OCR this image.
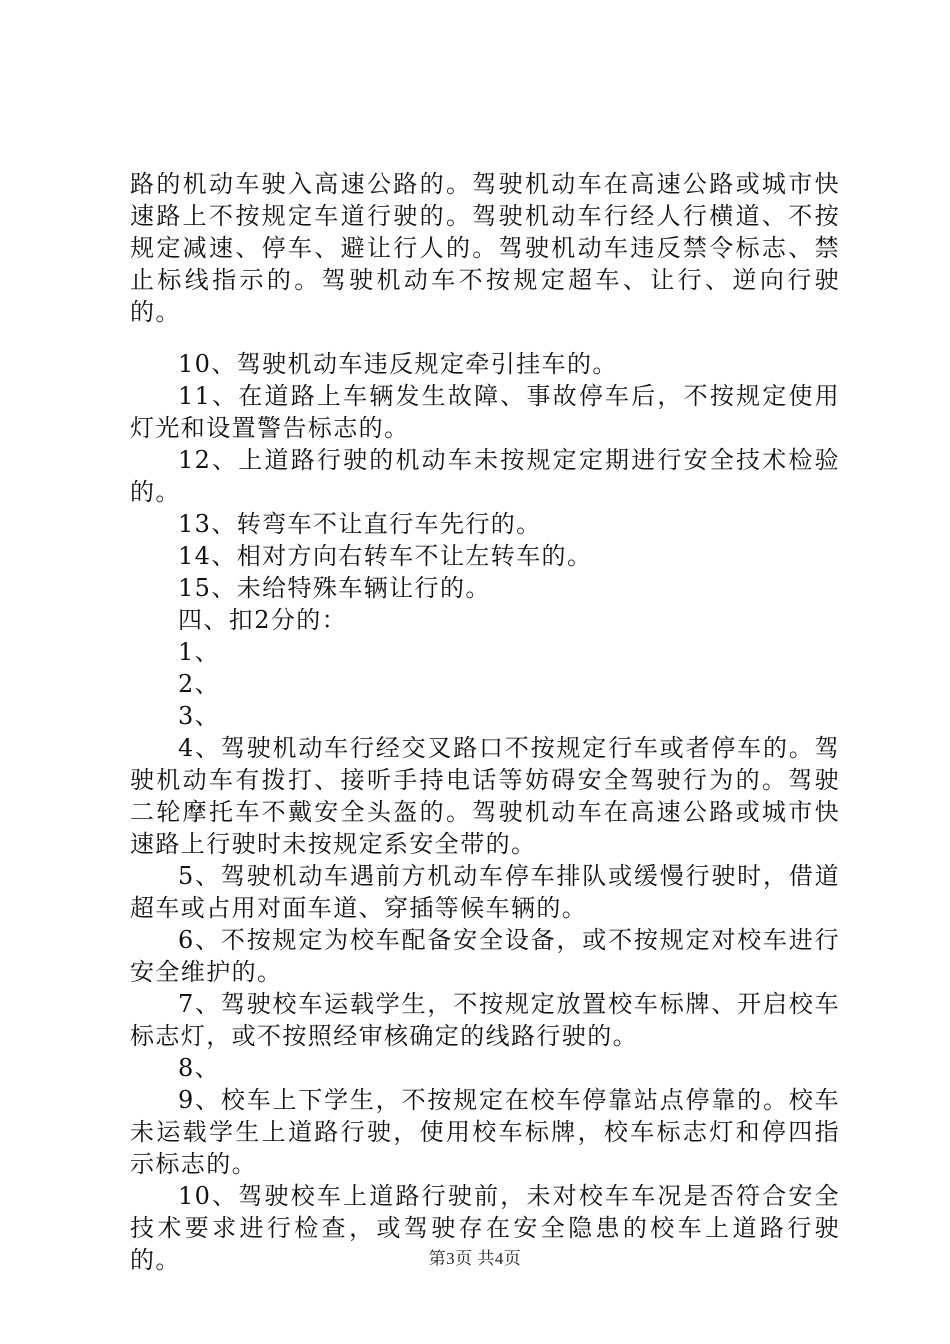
路的机动车驶入高速公路的。驾驶机动车在高速公路或城市快速路上不按规定车道行驶的。驾驶机动车行经人行横道、不按规定减速、停车、避让行人的。驾驶机动车违反禁令标志、禁止标线指示的。驾驶机动车不按规定超车、让行、逆向行驶的。

10、驾驶机动车违反规定牵引挂车的。

11、在道路上车辆发生故障、事故停车后，不按规定使用灯光和设置警告标志的。

12、上道路行驶的机动车未按规定定期进行安全技术检验的。

13、转弯车不让直行车先行的。

14、相对方向右转车不让左转车的。

15、未给特殊车辆让行的。

四、扣2分的：

1、

2、

3、

4、驾驶机动车行经交叉路口不按规定行车或者停车的。驾驶机动车有拨打、接听手持电话等妨碍安全驾驶行为的。驾驶二轮摩托车不戴安全头盔的。驾驶机动车在高速公路或城市快速路上行驶时未按规定系安全带的。

5、驾驶机动车遇前方机动车停车排队或缓慢行驶时，借道超车或占用对面车道、穿插等候车辆的。

6、不按规定为校车配备安全设备，或不按规定对校车进行安全维护的。

7、驾驶校车运载学生，不按规定放置校车标牌、开启校车标志灯，或不按照经审核确定的线路行驶的。

8、

9、校车上下学生，不按规定在校车停靠站点停靠的。校车未运载学生上道路行驶，使用校车标牌，校车标志灯和停四指示标志的。

10、驾驶校车上道路行驶前，未对校车车况是否符合安全技术要求进行检查，或驾驶存在安全隐患的校车上道路行驶的。	第3页 共4页
